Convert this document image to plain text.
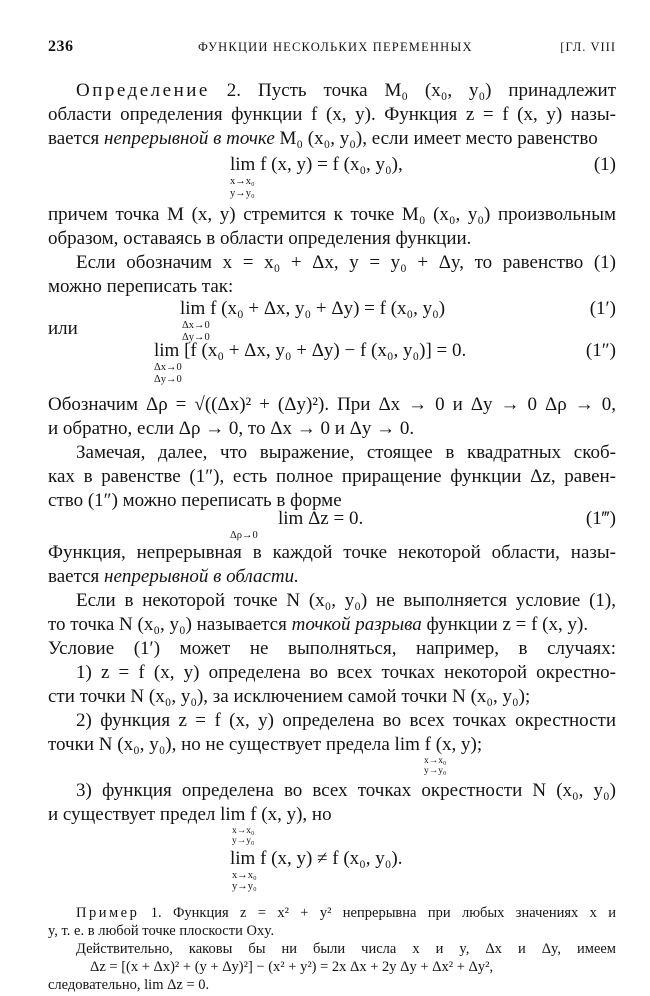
236	ФУНКЦИИ НЕСКОЛЬКИХ ПЕРЕМЕННЫХ	[ГЛ. VIII
Определение 2. Пусть точка M₀ (x₀, y₀) принадлежит
области определения функции f (x, y). Функция z = f (x, y) назы-
вается непрерывной в точке M₀ (x₀, y₀), если имеет место равенство
lim f (x, y) = f (x₀, y₀),	(1)
x→x₀
y→y₀
причем точка M (x, y) стремится к точке M₀ (x₀, y₀) произвольным
образом, оставаясь в области определения функции.
Если обозначим x = x₀ + Δx, y = y₀ + Δy, то равенство (1)
можно переписать так:
lim f (x₀ + Δx, y₀ + Δy) = f (x₀, y₀)	(1′)
Δx→0
Δy→0
или
lim [f (x₀ + Δx, y₀ + Δy) − f (x₀, y₀)] = 0.	(1″)
Δx→0
Δy→0
Обозначим Δρ = √((Δx)² + (Δy)²). При Δx → 0 и Δy → 0 Δρ → 0,
и обратно, если Δρ → 0, то Δx → 0 и Δy → 0.
Замечая, далее, что выражение, стоящее в квадратных скоб-
ках в равенстве (1″), есть полное приращение функции Δz, равен-
ство (1″) можно переписать в форме
lim Δz = 0.	(1‴)
Δρ→0
Функция, непрерывная в каждой точке некоторой области, назы-
вается непрерывной в области.
Если в некоторой точке N (x₀, y₀) не выполняется условие (1),
то точка N (x₀, y₀) называется точкой разрыва функции z = f (x, y).
Условие (1′) может не выполняться, например, в случаях:
1) z = f (x, y) определена во всех точках некоторой окрестно-
сти точки N (x₀, y₀), за исключением самой точки N (x₀, y₀);
2) функция z = f (x, y) определена во всех точках окрестности
точки N (x₀, y₀), но не существует предела lim f (x, y);
x→x₀
y→y₀
3) функция определена во всех точках окрестности N (x₀, y₀)
и существует предел lim f (x, y), но
x→x₀
y→y₀
lim f (x, y) ≠ f (x₀, y₀).
x→x₀
y→y₀
Пример 1. Функция z = x² + y² непрерывна при любых значениях x и
y, т. е. в любой точке плоскости Oxy.
Действительно, каковы бы ни были числа x и y, Δx и Δy, имеем
Δz = [(x + Δx)² + (y + Δy)²] − (x² + y²) = 2x Δx + 2y Δy + Δx² + Δy²,
следовательно, lim Δz = 0.
